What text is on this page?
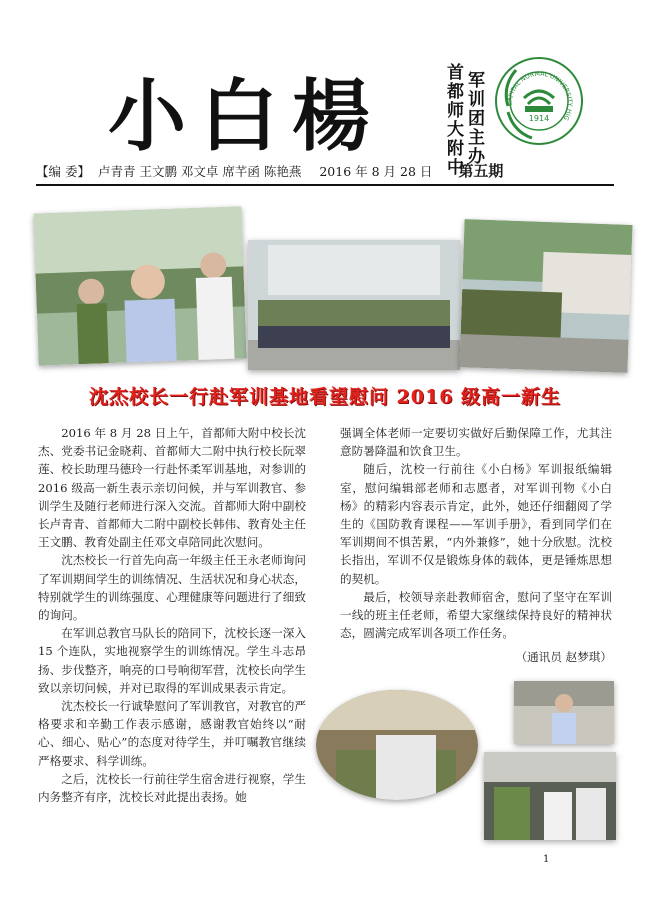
小白楊	首都师大附中
军训团主办
1914
CAPITAL NORMAL UNIVERSITY HIG
【编 委】 卢青青 王文鹏 邓文卓 席芊函 陈艳燕 2016 年 8 月 28 日 第五期
沈杰校长一行赴军训基地看望慰问 2016 级高一新生

2016 年 8 月 28 日上午，首都师大附中校长沈杰、党委书记金晓莉、首都师大二附中执行校长阮翠莲、校长助理马德玲一行赴怀柔军训基地，对参训的 2016 级高一新生表示亲切问候，并与军训教官、参训学生及随行老师进行深入交流。首都师大附中副校长卢青青、首都师大二附中副校长韩伟、教育处主任王文鹏、教育处副主任邓文卓陪同此次慰问。

沈杰校长一行首先向高一年级主任王永老师询问了军训期间学生的训练情况、生活状况和身心状态，特别就学生的训练强度、心理健康等问题进行了细致的询问。

在军训总教官马队长的陪同下，沈校长逐一深入 15 个连队，实地视察学生的训练情况。学生斗志昂扬、步伐整齐，响亮的口号响彻军营，沈校长向学生致以亲切问候，并对已取得的军训成果表示肯定。

沈杰校长一行诚挚慰问了军训教官，对教官的严格要求和辛勤工作表示感谢，感谢教官始终以“耐心、细心、贴心”的态度对待学生，并叮嘱教官继续严格要求、科学训练。

之后，沈校长一行前往学生宿舍进行视察，学生内务整齐有序，沈校长对此提出表扬。她

强调全体老师一定要切实做好后勤保障工作，尤其注意防暑降温和饮食卫生。

随后，沈校一行前往《小白杨》军训报纸编辑室，慰问编辑部老师和志愿者，对军训刊物《小白杨》的精彩内容表示肯定，此外，她还仔细翻阅了学生的《国防教育课程——军训手册》，看到同学们在军训期间不惧苦累，“内外兼修”，她十分欣慰。沈校长指出，军训不仅是锻炼身体的载体，更是锤炼思想的契机。

最后，校领导亲赴教师宿舍，慰问了坚守在军训一线的班主任老师，希望大家继续保持良好的精神状态，圆满完成军训各项工作任务。

（通讯员 赵梦琪）
1
